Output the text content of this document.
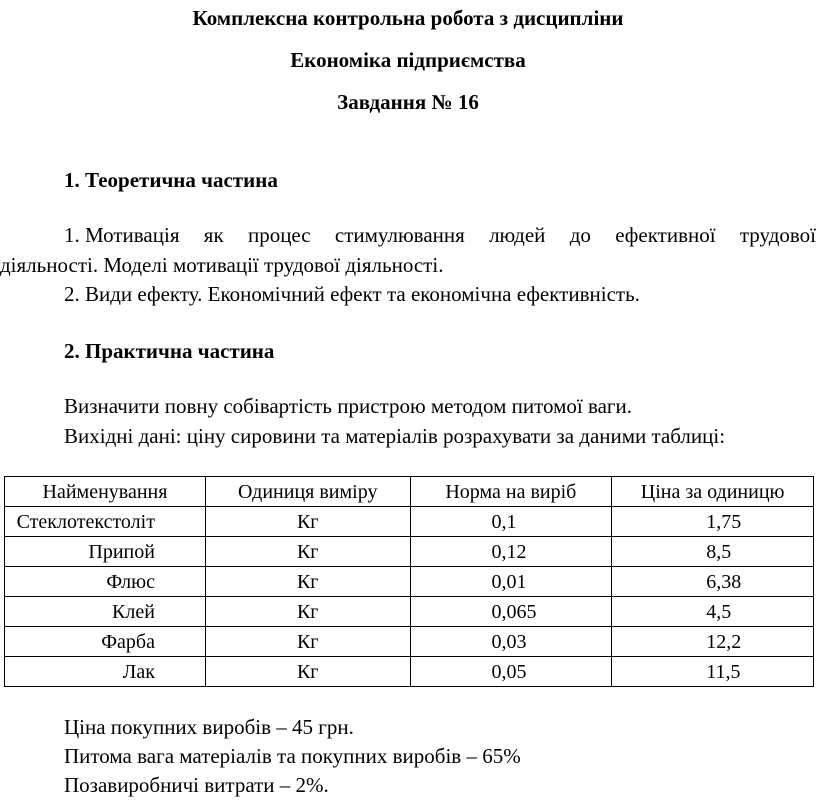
Комплексна контрольна робота з дисципліни
Економіка підприємства
Завдання № 16
1. Теоретична частина
1. Мотивація як процес стимулювання людей до ефективної трудової
діяльності. Моделі мотивації трудової діяльності.
2. Види ефекту. Економічний ефект та економічна ефективність.
2. Практична частина
Визначити повну собівартість пристрою методом питомої ваги.
Вихідні дані: ціну сировини та матеріалів розрахувати за даними таблиці:
Найменування	Одиниця виміру	Норма на виріб	Ціна за одиницю
Стеклотекстоліт	Кг	0,1	1,75
Припой	Кг	0,12	8,5
Флюс	Кг	0,01	6,38
Клей	Кг	0,065	4,5
Фарба	Кг	0,03	12,2
Лак	Кг	0,05	11,5
Ціна покупних виробів – 45 грн.
Питома вага матеріалів та покупних виробів – 65%
Позавиробничі витрати – 2%.
